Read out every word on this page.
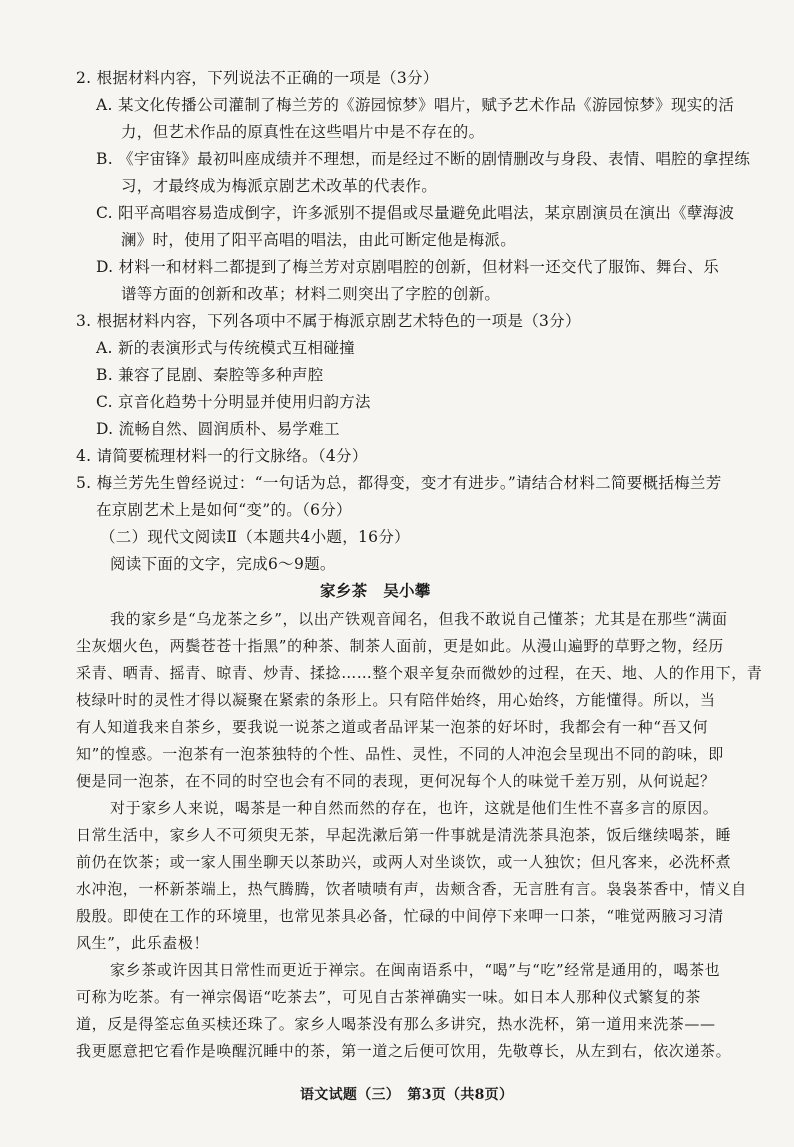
2. 根据材料内容，下列说法不正确的一项是（3分）
A. 某文化传播公司灌制了梅兰芳的《游园惊梦》唱片，赋予艺术作品《游园惊梦》现实的活
力，但艺术作品的原真性在这些唱片中是不存在的。
B. 《宇宙锋》最初叫座成绩并不理想，而是经过不断的剧情删改与身段、表情、唱腔的拿捏练
习，才最终成为梅派京剧艺术改革的代表作。
C. 阳平高唱容易造成倒字，许多派别不提倡或尽量避免此唱法，某京剧演员在演出《孽海波
澜》时，使用了阳平高唱的唱法，由此可断定他是梅派。
D. 材料一和材料二都提到了梅兰芳对京剧唱腔的创新，但材料一还交代了服饰、舞台、乐
谱等方面的创新和改革；材料二则突出了字腔的创新。
3. 根据材料内容，下列各项中不属于梅派京剧艺术特色的一项是（3分）
A. 新的表演形式与传统模式互相碰撞
B. 兼容了昆剧、秦腔等多种声腔
C. 京音化趋势十分明显并使用归韵方法
D. 流畅自然、圆润质朴、易学难工
4. 请简要梳理材料一的行文脉络。（4分）
5. 梅兰芳先生曾经说过：“一句话为总，都得变，变才有进步。”请结合材料二简要概括梅兰芳
在京剧艺术上是如何“变”的。（6分）
（二）现代文阅读Ⅱ（本题共4小题，16分）
阅读下面的文字，完成6～9题。
家乡茶　吴小攀
我的家乡是“乌龙茶之乡”，以出产铁观音闻名，但我不敢说自己懂茶；尤其是在那些“满面
尘灰烟火色，两鬓苍苍十指黑”的种茶、制茶人面前，更是如此。从漫山遍野的草野之物，经历
采青、晒青、摇青、晾青、炒青、揉捻……整个艰辛复杂而微妙的过程，在天、地、人的作用下，青
枝绿叶时的灵性才得以凝聚在紧索的条形上。只有陪伴始终，用心始终，方能懂得。所以，当
有人知道我来自茶乡，要我说一说茶之道或者品评某一泡茶的好坏时，我都会有一种“吾又何
知”的惶惑。一泡茶有一泡茶独特的个性、品性、灵性，不同的人冲泡会呈现出不同的韵味，即
便是同一泡茶，在不同的时空也会有不同的表现，更何况每个人的味觉千差万别，从何说起？
对于家乡人来说，喝茶是一种自然而然的存在，也许，这就是他们生性不喜多言的原因。
日常生活中，家乡人不可须臾无茶，早起洗漱后第一件事就是清洗茶具泡茶，饭后继续喝茶，睡
前仍在饮茶；或一家人围坐聊天以茶助兴，或两人对坐谈饮，或一人独饮；但凡客来，必洗杯煮
水冲泡，一杯新茶端上，热气腾腾，饮者啧啧有声，齿颊含香，无言胜有言。袅袅茶香中，情义自
殷殷。即使在工作的环境里，也常见茶具必备，忙碌的中间停下来呷一口茶，“唯觉两腋习习清
风生”，此乐盍极！
家乡茶或许因其日常性而更近于禅宗。在闽南语系中，“喝”与“吃”经常是通用的，喝茶也
可称为吃茶。有一禅宗偈语“吃茶去”，可见自古茶禅确实一味。如日本人那种仪式繁复的茶
道，反是得筌忘鱼买椟还珠了。家乡人喝茶没有那么多讲究，热水洗杯，第一道用来洗茶——
我更愿意把它看作是唤醒沉睡中的茶，第一道之后便可饮用，先敬尊长，从左到右，依次递茶。
语文试题（三）　第3页（共8页）
